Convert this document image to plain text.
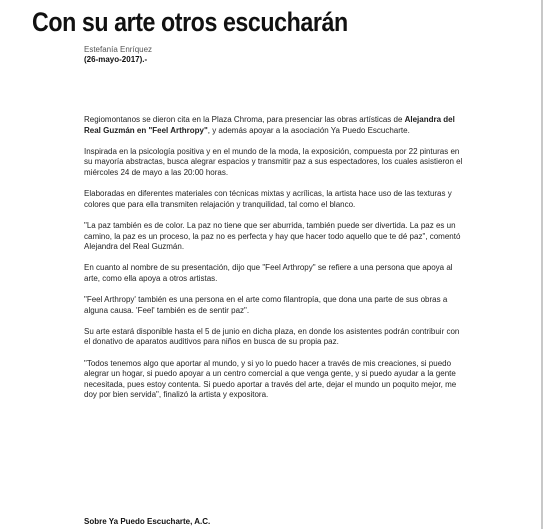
Con su arte otros escucharán
Estefanía Enríquez
(26-mayo-2017).-

Regiomontanos se dieron cita en la Plaza Chroma, para presenciar las obras artísticas de Alejandra del Real Guzmán en "Feel Arthropy", y además apoyar a la asociación Ya Puedo Escucharte.

Inspirada en la psicología positiva y en el mundo de la moda, la exposición, compuesta por 22 pinturas en su mayoría abstractas, busca alegrar espacios y transmitir paz a sus espectadores, los cuales asistieron el miércoles 24 de mayo a las 20:00 horas.

Elaboradas en diferentes materiales con técnicas mixtas y acrílicas, la artista hace uso de las texturas y colores que para ella transmiten relajación y tranquilidad, tal como el blanco.

"La paz también es de color. La paz no tiene que ser aburrida, también puede ser divertida. La paz es un camino, la paz es un proceso, la paz no es perfecta y hay que hacer todo aquello que te dé paz", comentó Alejandra del Real Guzmán.

En cuanto al nombre de su presentación, dijo que "Feel Arthropy" se refiere a una persona que apoya al arte, como ella apoya a otros artistas.

"Feel Arthropy' también es una persona en el arte como filantropía, que dona una parte de sus obras a alguna causa. 'Feel' también es de sentir paz".

Su arte estará disponible hasta el 5 de junio en dicha plaza, en donde los asistentes podrán contribuir con el donativo de aparatos auditivos para niños en busca de su propia paz.

"Todos tenemos algo que aportar al mundo, y si yo lo puedo hacer a través de mis creaciones, si puedo alegrar un hogar, si puedo apoyar a un centro comercial a que venga gente, y si puedo ayudar a la gente necesitada, pues estoy contenta. Si puedo aportar a través del arte, dejar el mundo un poquito mejor, me doy por bien servida", finalizó la artista y expositora.

Sobre Ya Puedo Escucharte, A.C.
